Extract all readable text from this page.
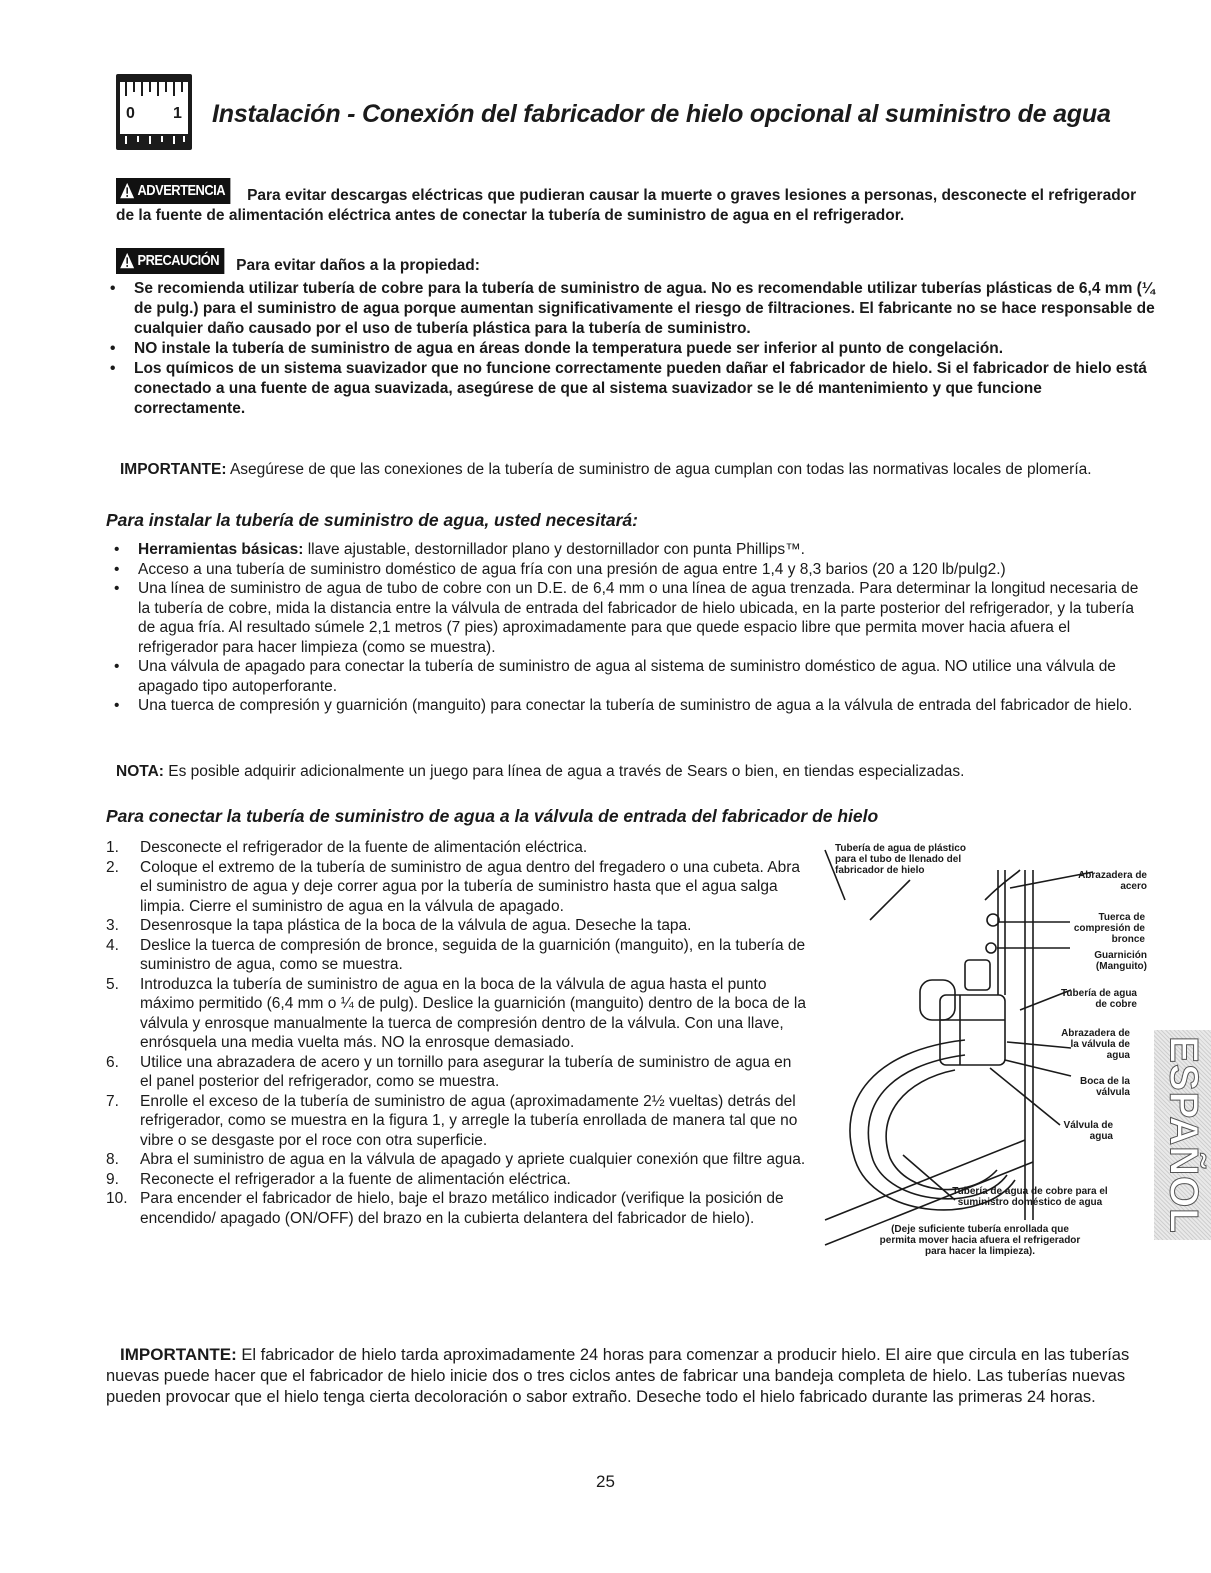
0 1 Instalación - Conexión del fabricador de hielo opcional al suministro de agua
ADVERTENCIA Para evitar descargas eléctricas que pudieran causar la muerte o graves lesiones a personas, desconecte el refrigerador de la fuente de alimentación eléctrica antes de conectar la tubería de suministro de agua en el refrigerador.
PRECAUCIÓN Para evitar daños a la propiedad:
• Se recomienda utilizar tubería de cobre para la tubería de suministro de agua. No es recomendable utilizar tuberías plásticas de 6,4 mm (¼ de pulg.) para el suministro de agua porque aumentan significativamente el riesgo de filtraciones. El fabricante no se hace responsable de cualquier daño causado por el uso de tubería plástica para la tubería de suministro.
• NO instale la tubería de suministro de agua en áreas donde la temperatura puede ser inferior al punto de congelación.
• Los químicos de un sistema suavizador que no funcione correctamente pueden dañar el fabricador de hielo. Si el fabricador de hielo está conectado a una fuente de agua suavizada, asegúrese de que al sistema suavizador se le dé mantenimiento y que funcione correctamente.
IMPORTANTE: Asegúrese de que las conexiones de la tubería de suministro de agua cumplan con todas las normativas locales de plomería.
Para instalar la tubería de suministro de agua, usted necesitará:
• Herramientas básicas: llave ajustable, destornillador plano y destornillador con punta Phillips™.
• Acceso a una tubería de suministro doméstico de agua fría con una presión de agua entre 1,4 y 8,3 barios (20 a 120 lb/pulg2.)
• Una línea de suministro de agua de tubo de cobre con un D.E. de 6,4 mm o una línea de agua trenzada. Para determinar la longitud necesaria de la tubería de cobre, mida la distancia entre la válvula de entrada del fabricador de hielo ubicada, en la parte posterior del refrigerador, y la tubería de agua fría. Al resultado súmele 2,1 metros (7 pies) aproximadamente para que quede espacio libre que permita mover hacia afuera el refrigerador para hacer limpieza (como se muestra).
• Una válvula de apagado para conectar la tubería de suministro de agua al sistema de suministro doméstico de agua. NO utilice una válvula de apagado tipo autoperforante.
• Una tuerca de compresión y guarnición (manguito) para conectar la tubería de suministro de agua a la válvula de entrada del fabricador de hielo.
NOTA: Es posible adquirir adicionalmente un juego para línea de agua a través de Sears o bien, en tiendas especializadas.
Para conectar la tubería de suministro de agua a la válvula de entrada del fabricador de hielo
1. Desconecte el refrigerador de la fuente de alimentación eléctrica.
2. Coloque el extremo de la tubería de suministro de agua dentro del fregadero o una cubeta. Abra el suministro de agua y deje correr agua por la tubería de suministro hasta que el agua salga limpia. Cierre el suministro de agua en la válvula de apagado.
3. Desenrosque la tapa plástica de la boca de la válvula de agua. Deseche la tapa.
4. Deslice la tuerca de compresión de bronce, seguida de la guarnición (manguito), en la tubería de suministro de agua, como se muestra.
5. Introduzca la tubería de suministro de agua en la boca de la válvula de agua hasta el punto máximo permitido (6,4 mm o ¼ de pulg). Deslice la guarnición (manguito) dentro de la boca de la válvula y enrosque manualmente la tuerca de compresión dentro de la válvula. Con una llave, enrósquela una media vuelta más. NO la enrosque demasiado.
6. Utilice una abrazadera de acero y un tornillo para asegurar la tubería de suministro de agua en el panel posterior del refrigerador, como se muestra.
7. Enrolle el exceso de la tubería de suministro de agua (aproximadamente 2½ vueltas) detrás del refrigerador, como se muestra en la figura 1, y arregle la tubería enrollada de manera tal que no vibre o se desgaste por el roce con otra superficie.
8. Abra el suministro de agua en la válvula de apagado y apriete cualquier conexión que filtre agua.
9. Reconecte el refrigerador a la fuente de alimentación eléctrica.
10. Para encender el fabricador de hielo, baje el brazo metálico indicador (verifique la posición de encendido/ apagado (ON/OFF) del brazo en la cubierta delantera del fabricador de hielo).
Tubería de agua de plástico para el tubo de llenado del fabricador de hielo	Abrazadera de acero
Tuerca de compresión de bronce
Guarnición (Manguito)
Tubería de agua de cobre
Abrazadera de la válvula de agua
Boca de la válvula
Válvula de agua
Tubería de agua de cobre para el suministro doméstico de agua
(Deje suficiente tubería enrollada que permita mover hacia afuera el refrigerador para hacer la limpieza).
IMPORTANTE: El fabricador de hielo tarda aproximadamente 24 horas para comenzar a producir hielo. El aire que circula en las tuberías nuevas puede hacer que el fabricador de hielo inicie dos o tres ciclos antes de fabricar una bandeja completa de hielo. Las tuberías nuevas pueden provocar que el hielo tenga cierta decoloración o sabor extraño. Deseche todo el hielo fabricado durante las primeras 24 horas.
ESPAÑOL
25
